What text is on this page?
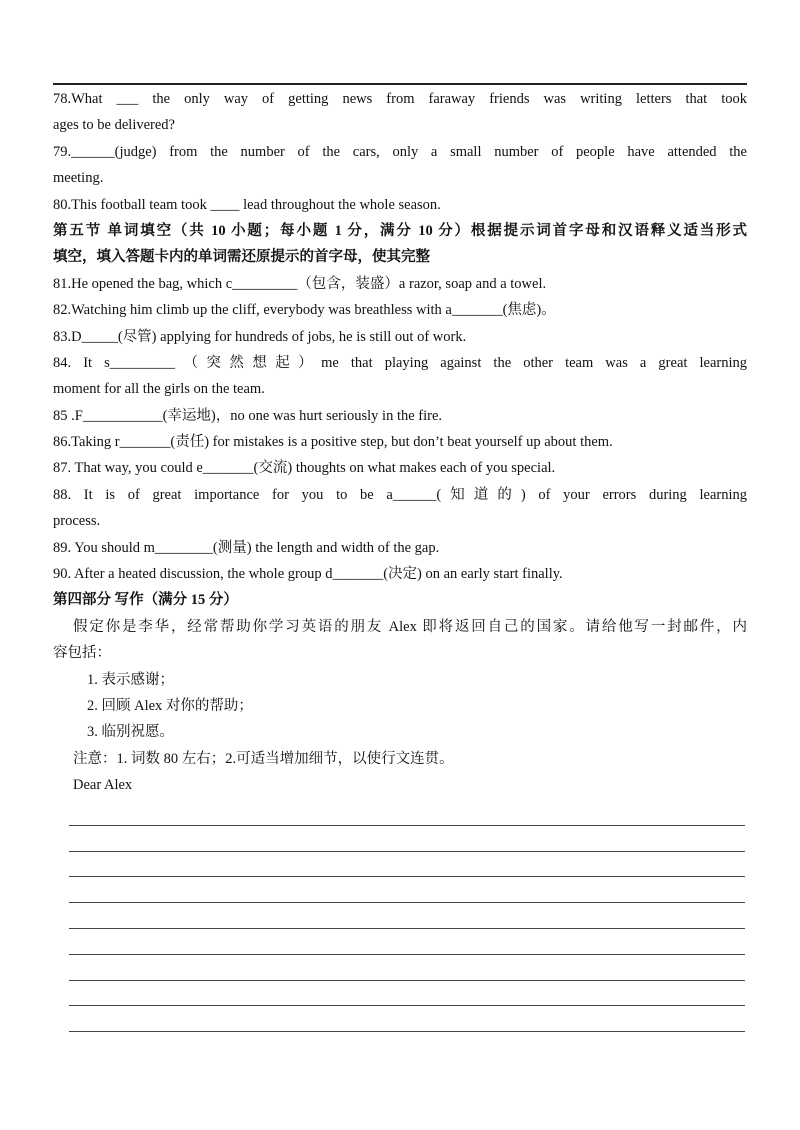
78.What ___ the only way of getting news from faraway friends was writing letters that took
ages to be delivered?
79.______(judge) from the number of the cars, only a small number of people have attended the
meeting.
80.This football team took ____ lead throughout the whole season.
第五节 单词填空（共 10 小题；每小题 1 分，满分 10 分）根据提示词首字母和汉语释义适当形式
填空，填入答题卡内的单词需还原提示的首字母，使其完整
81.He opened the bag, which c_________（包含，装盛）a razor, soap and a towel.
82.Watching him climb up the cliff, everybody was breathless with a_______(焦虑)。
83.D_____(尽管) applying for hundreds of jobs, he is still out of work.
84. It s_________（突然想起）me that playing against the other team was a great learning
moment for all the girls on the team.
85 .F___________(幸运地)，no one was hurt seriously in the fire.
86.Taking r_______(责任) for mistakes is a positive step, but don’t beat yourself up about them.
87. That way, you could e_______(交流) thoughts on what makes each of you special.
88. It is of great importance for you to be a______(知道的) of your errors during learning
process.
89. You should m________(测量) the length and width of the gap.
90. After a heated discussion, the whole group d_______(决定) on an early start finally.
第四部分 写作（满分 15 分）
假定你是李华，经常帮助你学习英语的朋友 Alex 即将返回自己的国家。请给他写一封邮件，内
容包括：
1. 表示感谢；
2. 回顾 Alex 对你的帮助；
3. 临别祝愿。
注意：1. 词数 80 左右；2.可适当增加细节，以使行文连贯。
Dear Alex
